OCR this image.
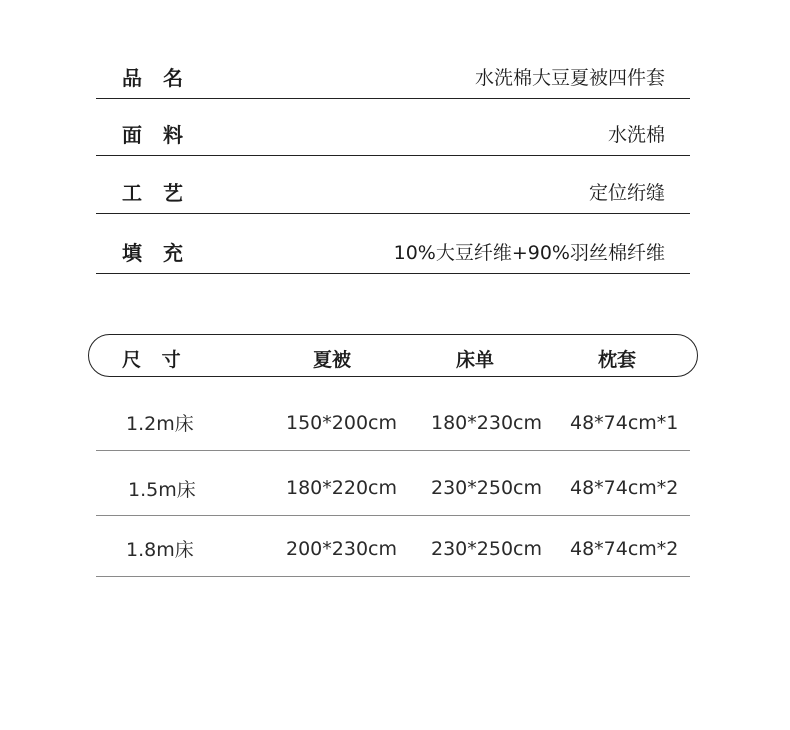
品 名	水洗棉大豆夏被四件套
面 料	水洗棉
工 艺	定位绗缝
填 充	10%大豆纤维+90%羽丝棉纤维
尺 寸	夏被	床单	枕套
1.2m床	150*200cm 180*230cm 48*74cm*1
1.5m床	180*220cm 230*250cm 48*74cm*2
1.8m床	200*230cm 230*250cm 48*74cm*2
